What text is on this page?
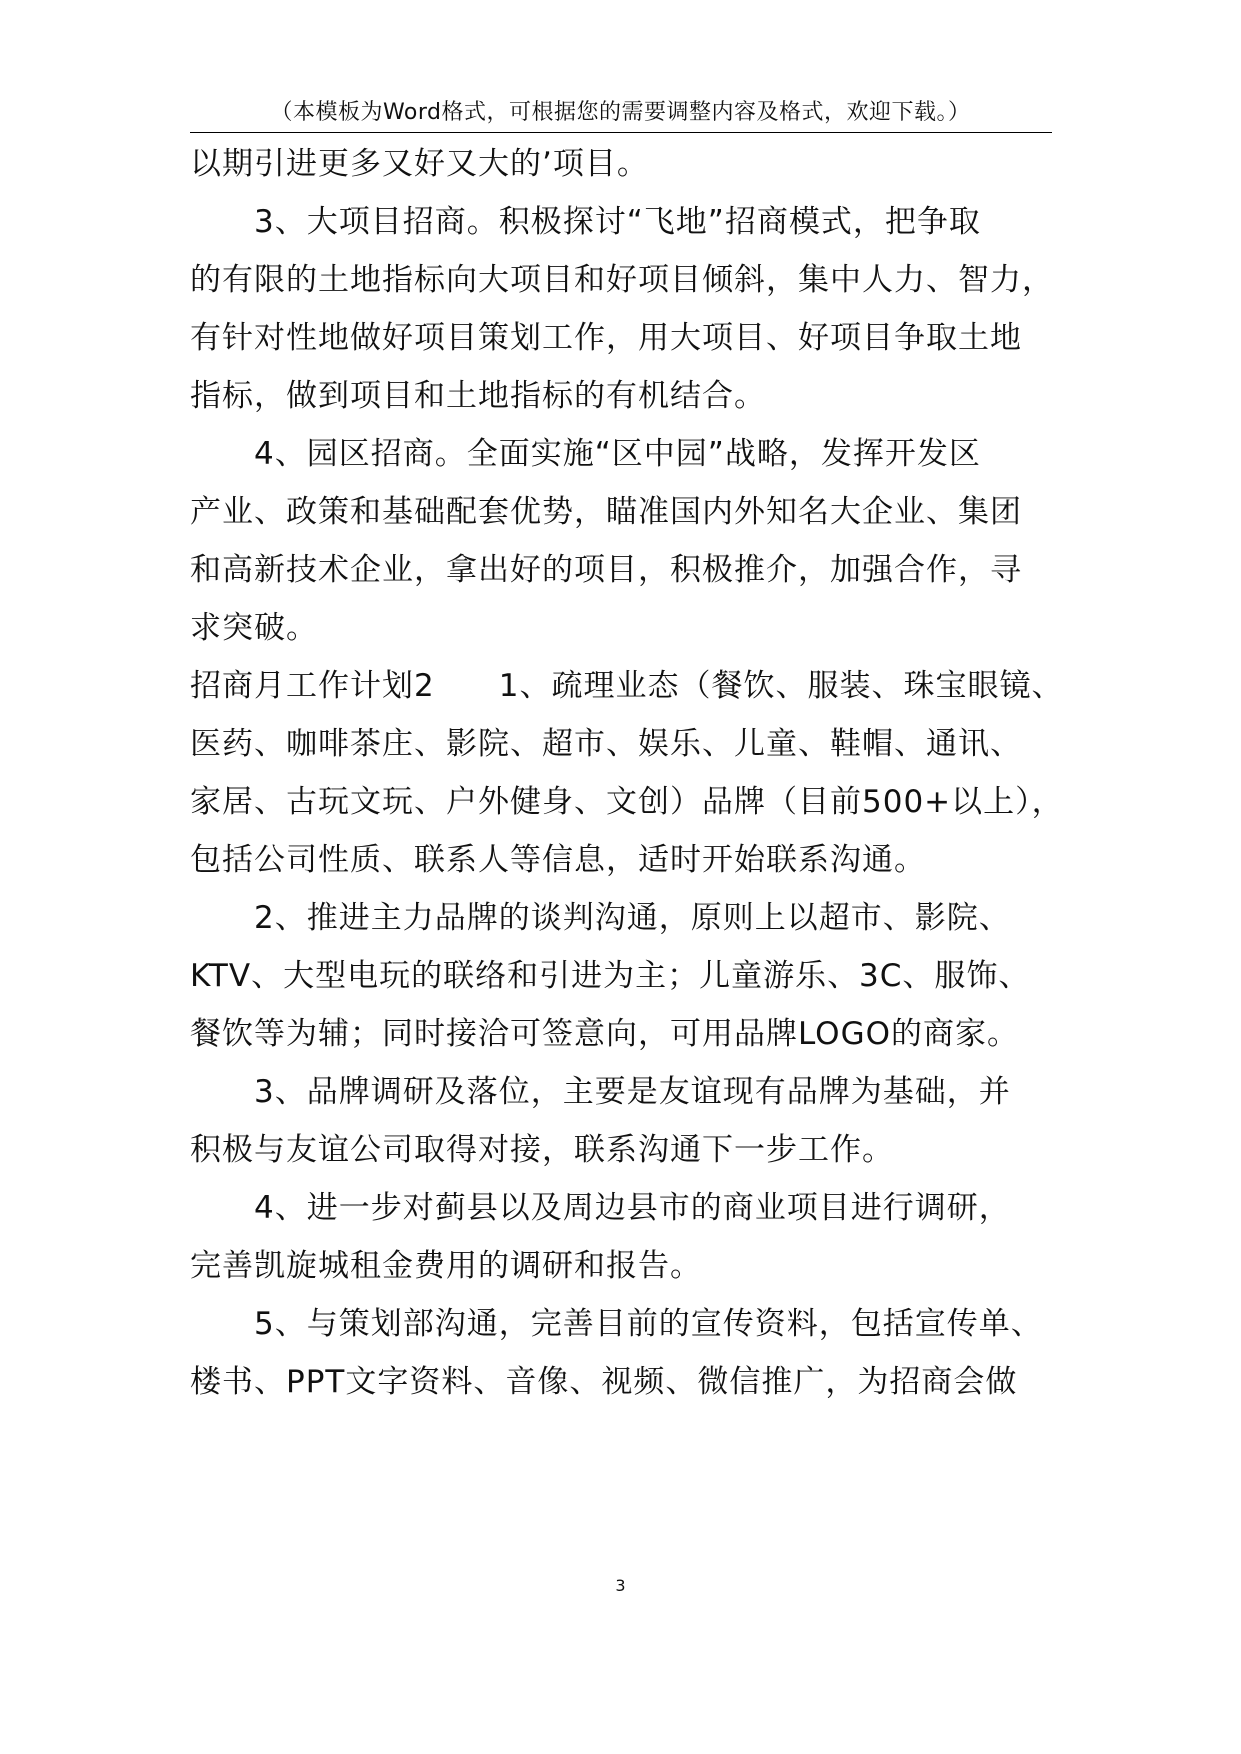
（本模板为Word格式，可根据您的需要调整内容及格式，欢迎下载。）
以期引进更多又好又大的’项目。
3、大项目招商。积极探讨“飞地”招商模式，把争取
的有限的土地指标向大项目和好项目倾斜，集中人力、智力，
有针对性地做好项目策划工作，用大项目、好项目争取土地
指标，做到项目和土地指标的有机结合。
4、园区招商。全面实施“区中园”战略，发挥开发区
产业、政策和基础配套优势，瞄准国内外知名大企业、集团
和高新技术企业，拿出好的项目，积极推介，加强合作，寻
求突破。
招商月工作计划2　　1、疏理业态（餐饮、服装、珠宝眼镜、
医药、咖啡茶庄、影院、超市、娱乐、儿童、鞋帽、通讯、
家居、古玩文玩、户外健身、文创）品牌（目前500+以上），
包括公司性质、联系人等信息，适时开始联系沟通。
2、推进主力品牌的谈判沟通，原则上以超市、影院、
KTV、大型电玩的联络和引进为主；儿童游乐、3C、服饰、
餐饮等为辅；同时接洽可签意向，可用品牌LOGO的商家。
3、品牌调研及落位，主要是友谊现有品牌为基础，并
积极与友谊公司取得对接，联系沟通下一步工作。
4、进一步对蓟县以及周边县市的商业项目进行调研，
完善凯旋城租金费用的调研和报告。
5、与策划部沟通，完善目前的宣传资料，包括宣传单、
楼书、PPT文字资料、音像、视频、微信推广，为招商会做
3
